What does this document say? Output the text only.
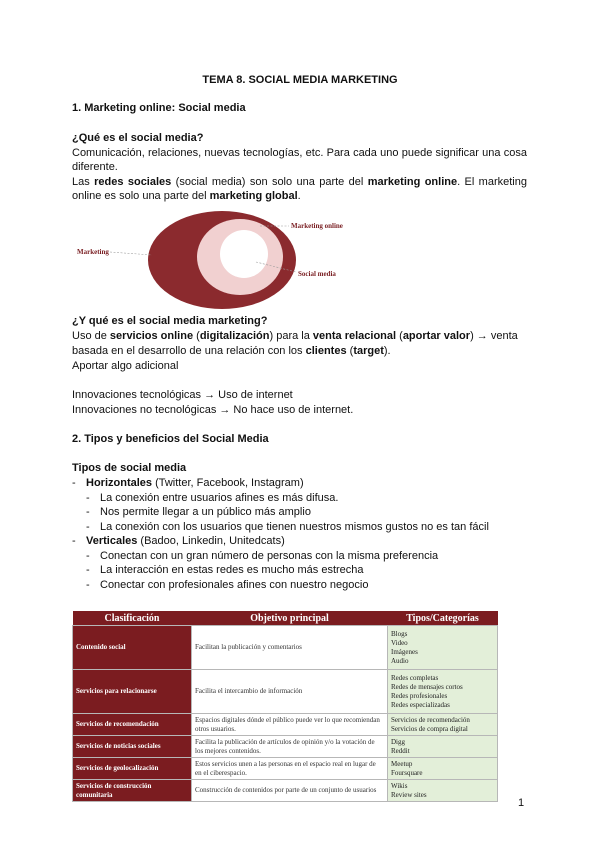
TEMA 8. SOCIAL MEDIA MARKETING
1. Marketing online: Social media
¿Qué es el social media?
Comunicación, relaciones, nuevas tecnologías, etc. Para cada uno puede significar una cosa diferente.
Las redes sociales (social media) son solo una parte del marketing online. El marketing online es solo una parte del marketing global.
Marketing
Marketing online
Social media
¿Y qué es el social media marketing?
Uso de servicios online (digitalización) para la venta relacional (aportar valor) → venta
basada en el desarrollo de una relación con los clientes (target).
Aportar algo adicional
Innovaciones tecnológicas → Uso de internet
Innovaciones no tecnológicas → No hace uso de internet.
2. Tipos y beneficios del Social Media
Tipos de social media
- Horizontales (Twitter, Facebook, Instagram)
- La conexión entre usuarios afines es más difusa.
- Nos permite llegar a un público más amplio
- La conexión con los usuarios que tienen nuestros mismos gustos no es tan fácil
- Verticales (Badoo, Linkedin, Unitedcats)
- Conectan con un gran número de personas con la misma preferencia
- La interacción en estas redes es mucho más estrecha
- Conectar con profesionales afines con nuestro negocio
Clasificación	Objetivo principal	Tipos/Categorías
Contenido social	Facilitan la publicación y comentarios	Blogs
Video
Imágenes
Audio

Servicios para relacionarse	Facilita el intercambio de información	Redes completas
Redes de mensajes cortos
Redes profesionales
Redes especializadas

Servicios de recomendación	Espacios digitales dónde el público puede ver lo que recomiendan otros usuarios.	Servicios de recomendación
Servicios de compra digital

Servicios de noticias sociales	Facilita la publicación de artículos de opinión y/o la votación de los mejores contenidos.	Digg
Reddit

Servicios de geolocalización	Estos servicios unen a las personas en el espacio real en lugar de en el ciberespacio.	Meetup
Foursquare

Servicios de construcción comunitaria	Construcción de contenidos por parte de un conjunto de usuarios	Wikis
Review sites
1
